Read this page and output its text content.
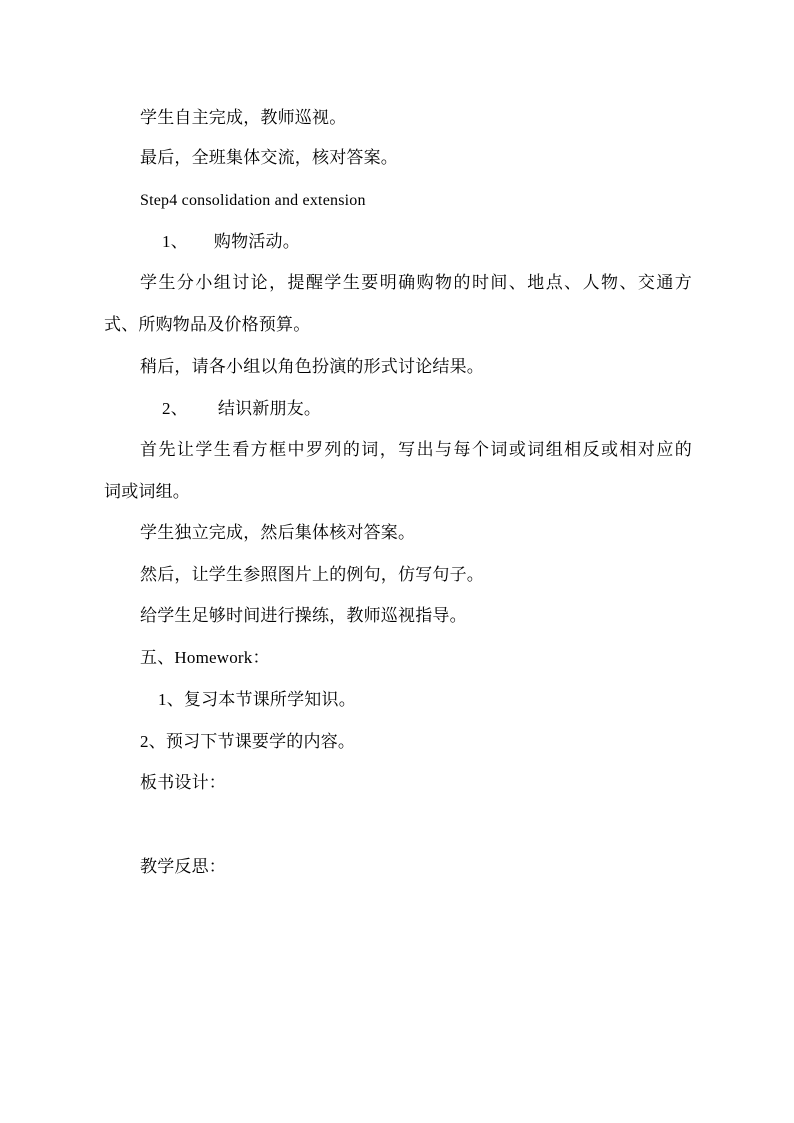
学生自主完成，教师巡视。
最后，全班集体交流，核对答案。
Step4 consolidation and extension
1、 购物活动。
学生分小组讨论，提醒学生要明确购物的时间、地点、人物、交通方
式、所购物品及价格预算。
稍后，请各小组以角色扮演的形式讨论结果。
2、 结识新朋友。
首先让学生看方框中罗列的词，写出与每个词或词组相反或相对应的
词或词组。
学生独立完成，然后集体核对答案。
然后，让学生参照图片上的例句，仿写句子。
给学生足够时间进行操练，教师巡视指导。
五、Homework：
1、复习本节课所学知识。
2、预习下节课要学的内容。
板书设计：
教学反思：
